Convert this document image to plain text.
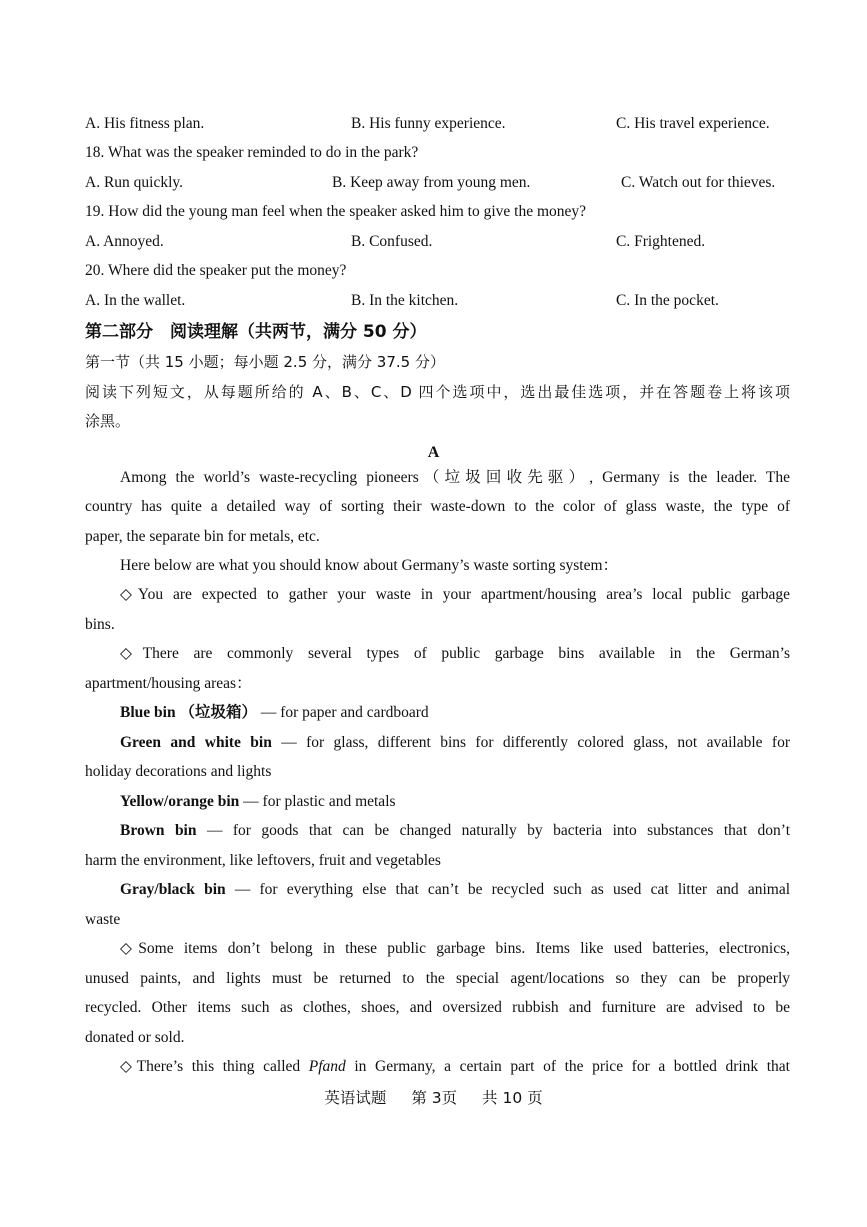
A. His fitness plan.	B. His funny experience.	C. His travel experience.
18. What was the speaker reminded to do in the park?
A. Run quickly.	B. Keep away from young men.	C. Watch out for thieves.
19. How did the young man feel when the speaker asked him to give the money?
A. Annoyed.	B. Confused.	C. Frightened.
20. Where did the speaker put the money?
A. In the wallet.	B. In the kitchen.	C. In the pocket.
第二部分　阅读理解（共两节，满分 50 分）
第一节（共 15 小题；每小题 2.5 分，满分 37.5 分）
阅读下列短文，从每题所给的 A、B、C、D 四个选项中，选出最佳选项，并在答题卷上将该项
涂黑。
A
Among the world’s waste-recycling pioneers（垃圾回收先驱）, Germany is the leader. The
country has quite a detailed way of sorting their waste-down to the color of glass waste, the type of
paper, the separate bin for metals, etc.
Here below are what you should know about Germany’s waste sorting system：
◇You are expected to gather your waste in your apartment/housing area’s local public garbage
bins.
◇There are commonly several types of public garbage bins available in the German’s
apartment/housing areas：
Blue bin （垃圾箱） — for paper and cardboard
Green and white bin — for glass, different bins for differently colored glass, not available for
holiday decorations and lights
Yellow/orange bin — for plastic and metals
Brown bin — for goods that can be changed naturally by bacteria into substances that don’t
harm the environment, like leftovers, fruit and vegetables
Gray/black bin — for everything else that can’t be recycled such as used cat litter and animal
waste
◇Some items don’t belong in these public garbage bins. Items like used batteries, electronics,
unused paints, and lights must be returned to the special agent/locations so they can be properly
recycled. Other items such as clothes, shoes, and oversized rubbish and furniture are advised to be
donated or sold.
◇There’s this thing called Pfand in Germany, a certain part of the price for a bottled drink that
英语试题 第 3页 共 10 页
